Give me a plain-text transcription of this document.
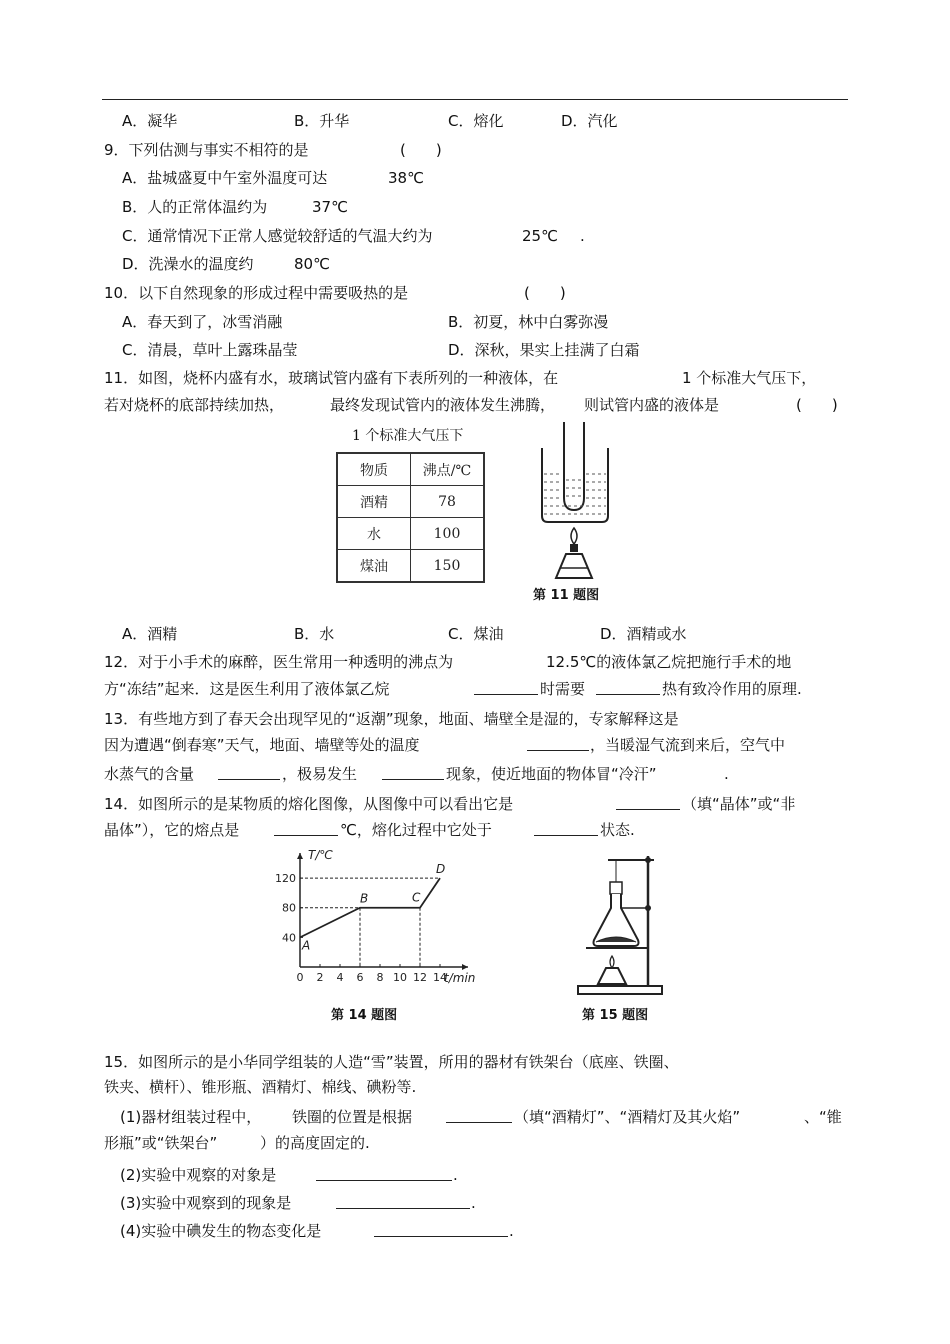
A．凝华	B．升华	C．熔化	D．汽化
9．下列估测与事实不相符的是	(　　)
A．盐城盛夏中午室外温度可达	38℃
B．人的正常体温约为	37℃
C．通常情况下正常人感觉较舒适的气温大约为	25℃ .
D．洗澡水的温度约	80℃
10．以下自然现象的形成过程中需要吸热的是	(　　)
A．春天到了，冰雪消融	B．初夏，林中白雾弥漫
C．清晨，草叶上露珠晶莹	D．深秋，果实上挂满了白霜
11．如图，烧杯内盛有水，玻璃试管内盛有下表所列的一种液体，在	1 个标准大气压下，
若对烧杯的底部持续加热，	最终发现试管内的液体发生沸腾， 则试管内盛的液体是	(　　)
1 个标准大气压下
物质	沸点/℃
酒精	78
水	100
煤油	150
第 11 题图
A．酒精	B．水	C．煤油	D．酒精或水
12．对于小手术的麻醉，医生常用一种透明的沸点为	12.5℃的液体氯乙烷把施行手术的地
方“冻结”起来．这是医生利用了液体氯乙烷	时需要	热有致冷作用的原理.
13．有些地方到了春天会出现罕见的“返潮”现象，地面、墙壁全是湿的，专家解释这是
因为遭遇“倒春寒”天气，地面、墙壁等处的温度	，当暖湿气流到来后，空气中
水蒸气的含量	，极易发生	现象，使近地面的物体冒“冷汗”	.
14．如图所示的是某物质的熔化图像，从图像中可以看出它是	（填“晶体”或“非
晶体”），它的熔点是	℃，熔化过程中它处于	状态.
T/℃
t/min
0 2 4 6 8 10 12 14
40
80
120
A
B	C
D
第 14 题图	第 15 题图
15．如图所示的是小华同学组装的人造“雪”装置，所用的器材有铁架台（底座、铁圈、
铁夹、横杆）、锥形瓶、酒精灯、棉线、碘粉等.
(1)器材组装过程中， 铁圈的位置是根据	（填“酒精灯”、“酒精灯及其火焰”	、“锥
形瓶”或“铁架台”	）的高度固定的.
(2)实验中观察的对象是	.
(3)实验中观察到的现象是	.
(4)实验中碘发生的物态变化是	.
